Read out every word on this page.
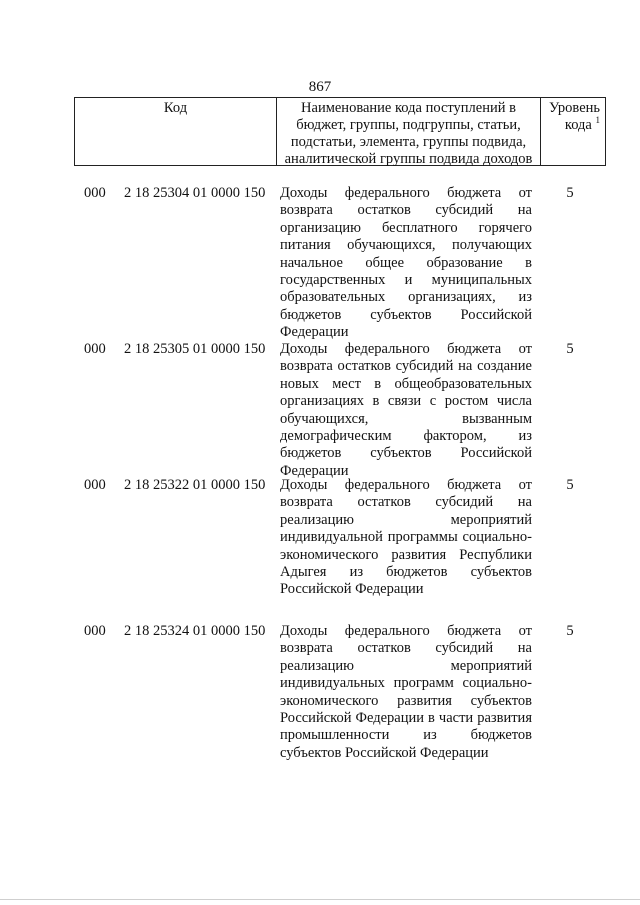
867
Код	Наименование кода поступлений в
бюджет, группы, подгруппы, статьи,
подстатьи, элемента, группы подвида,
аналитической группы подвида доходов
Уровень
кода $^1$
000 2 18 25304 01 0000 150 Доходы федерального бюджета от
возврата остатков субсидий на
организацию бесплатного горячего
питания обучающихся, получающих
начальное общее образование в
государственных и муниципальных
образовательных организациях, из
бюджетов субъектов Российской
Федерации
5
000 2 18 25305 01 0000 150 Доходы федерального бюджета от
возврата остатков субсидий на создание
новых мест в общеобразовательных
организациях в связи с ростом числа
обучающихся, вызванным
демографическим фактором, из
бюджетов субъектов Российской
Федерации
5
000 2 18 25322 01 0000 150 Доходы федерального бюджета от
возврата остатков субсидий на
реализацию мероприятий
индивидуальной программы социально-
экономического развития Республики
Адыгея из бюджетов субъектов
Российской Федерации
5
000 2 18 25324 01 0000 150 Доходы федерального бюджета от
возврата остатков субсидий на
реализацию мероприятий
индивидуальных программ социально-
экономического развития субъектов
Российской Федерации в части развития
промышленности из бюджетов
субъектов Российской Федерации
5
